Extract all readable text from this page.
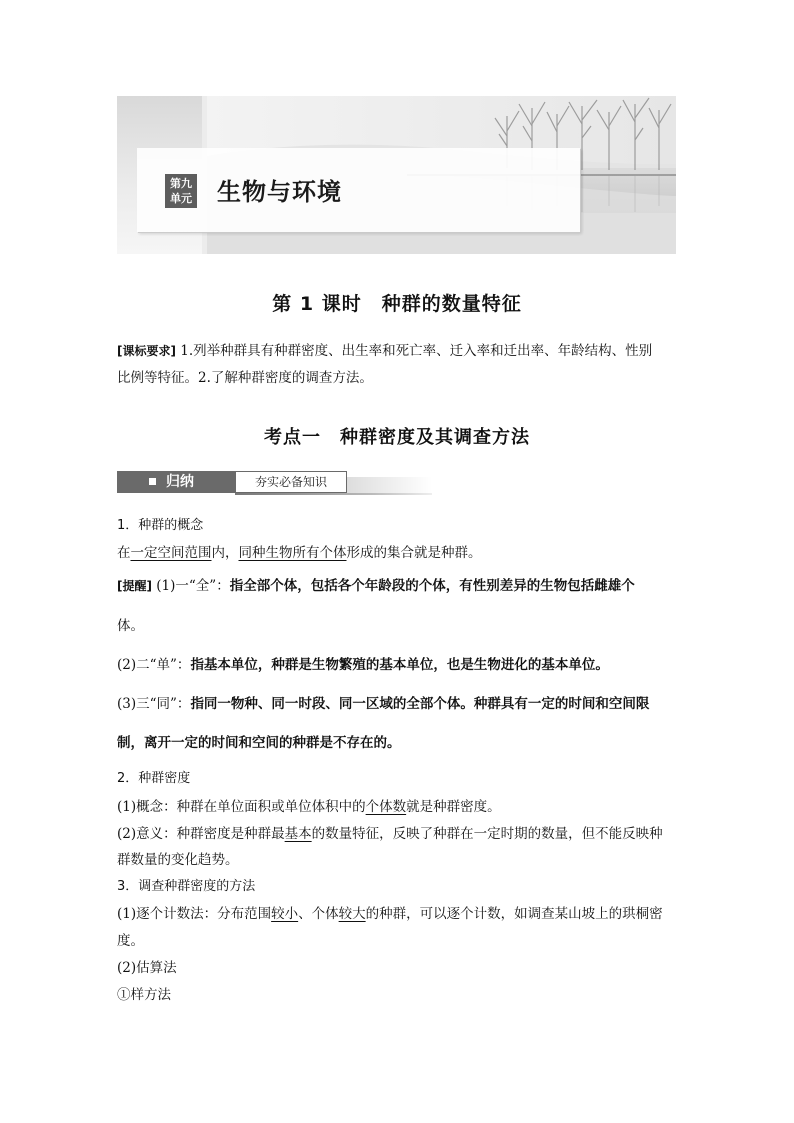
第九
单元 生物与环境
第 1 课时　种群的数量特征
[课标要求] 1.列举种群具有种群密度、出生率和死亡率、迁入率和迁出率、年龄结构、性别
比例等特征。2.了解种群密度的调查方法。
考点一　种群密度及其调查方法
归纳	夯实必备知识
1．种群的概念
在一定空间范围内，同种生物所有个体形成的集合就是种群。
[提醒] (1)一“全”：指全部个体，包括各个年龄段的个体，有性别差异的生物包括雌雄个
体。
(2)二“单”：指基本单位，种群是生物繁殖的基本单位，也是生物进化的基本单位。
(3)三“同”：指同一物种、同一时段、同一区域的全部个体。种群具有一定的时间和空间限
制，离开一定的时间和空间的种群是不存在的。
2．种群密度
(1)概念：种群在单位面积或单位体积中的个体数就是种群密度。
(2)意义：种群密度是种群最基本的数量特征，反映了种群在一定时期的数量，但不能反映种
群数量的变化趋势。
3．调查种群密度的方法
(1)逐个计数法：分布范围较小、个体较大的种群，可以逐个计数，如调查某山坡上的珙桐密
度。
(2)估算法
①样方法
